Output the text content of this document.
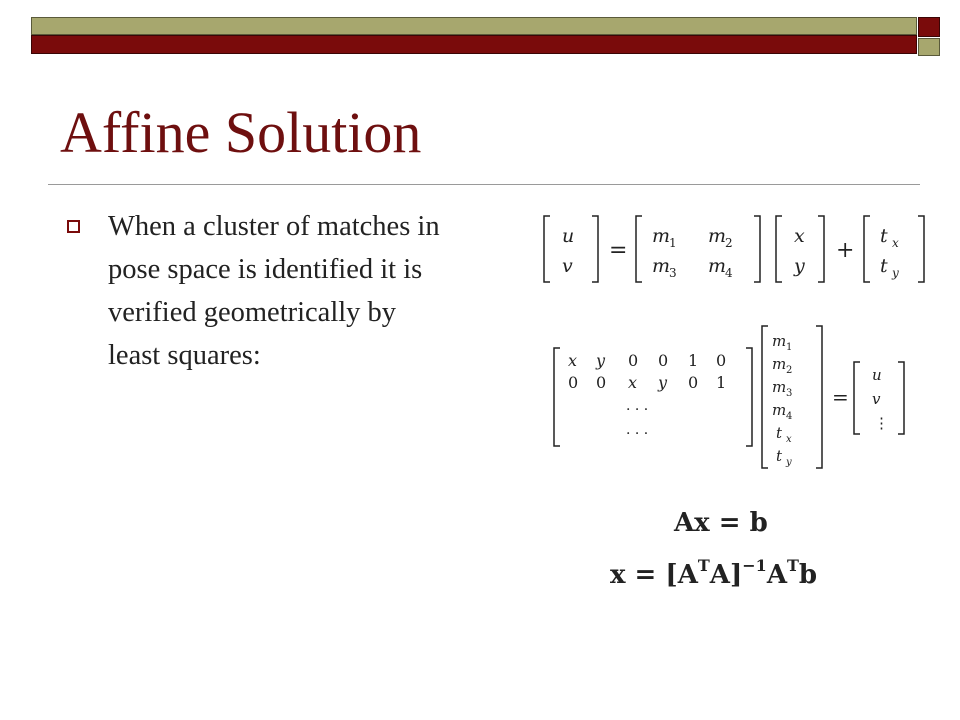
Affine Solution
When a cluster of matches in pose space is identified it is verified geometrically by least squares:
u
v
=
m
1 m
2
m
3 m
4
x
y
+
t x
t y
x y 0 0 1 0
0 0 x y 0 1
· · ·
· · ·
m 1
m 2
m 3
m 4
t x
t y
=
u
v
⋮
Ax = b
$x = [A^TA]^{-1}A^Tb$
